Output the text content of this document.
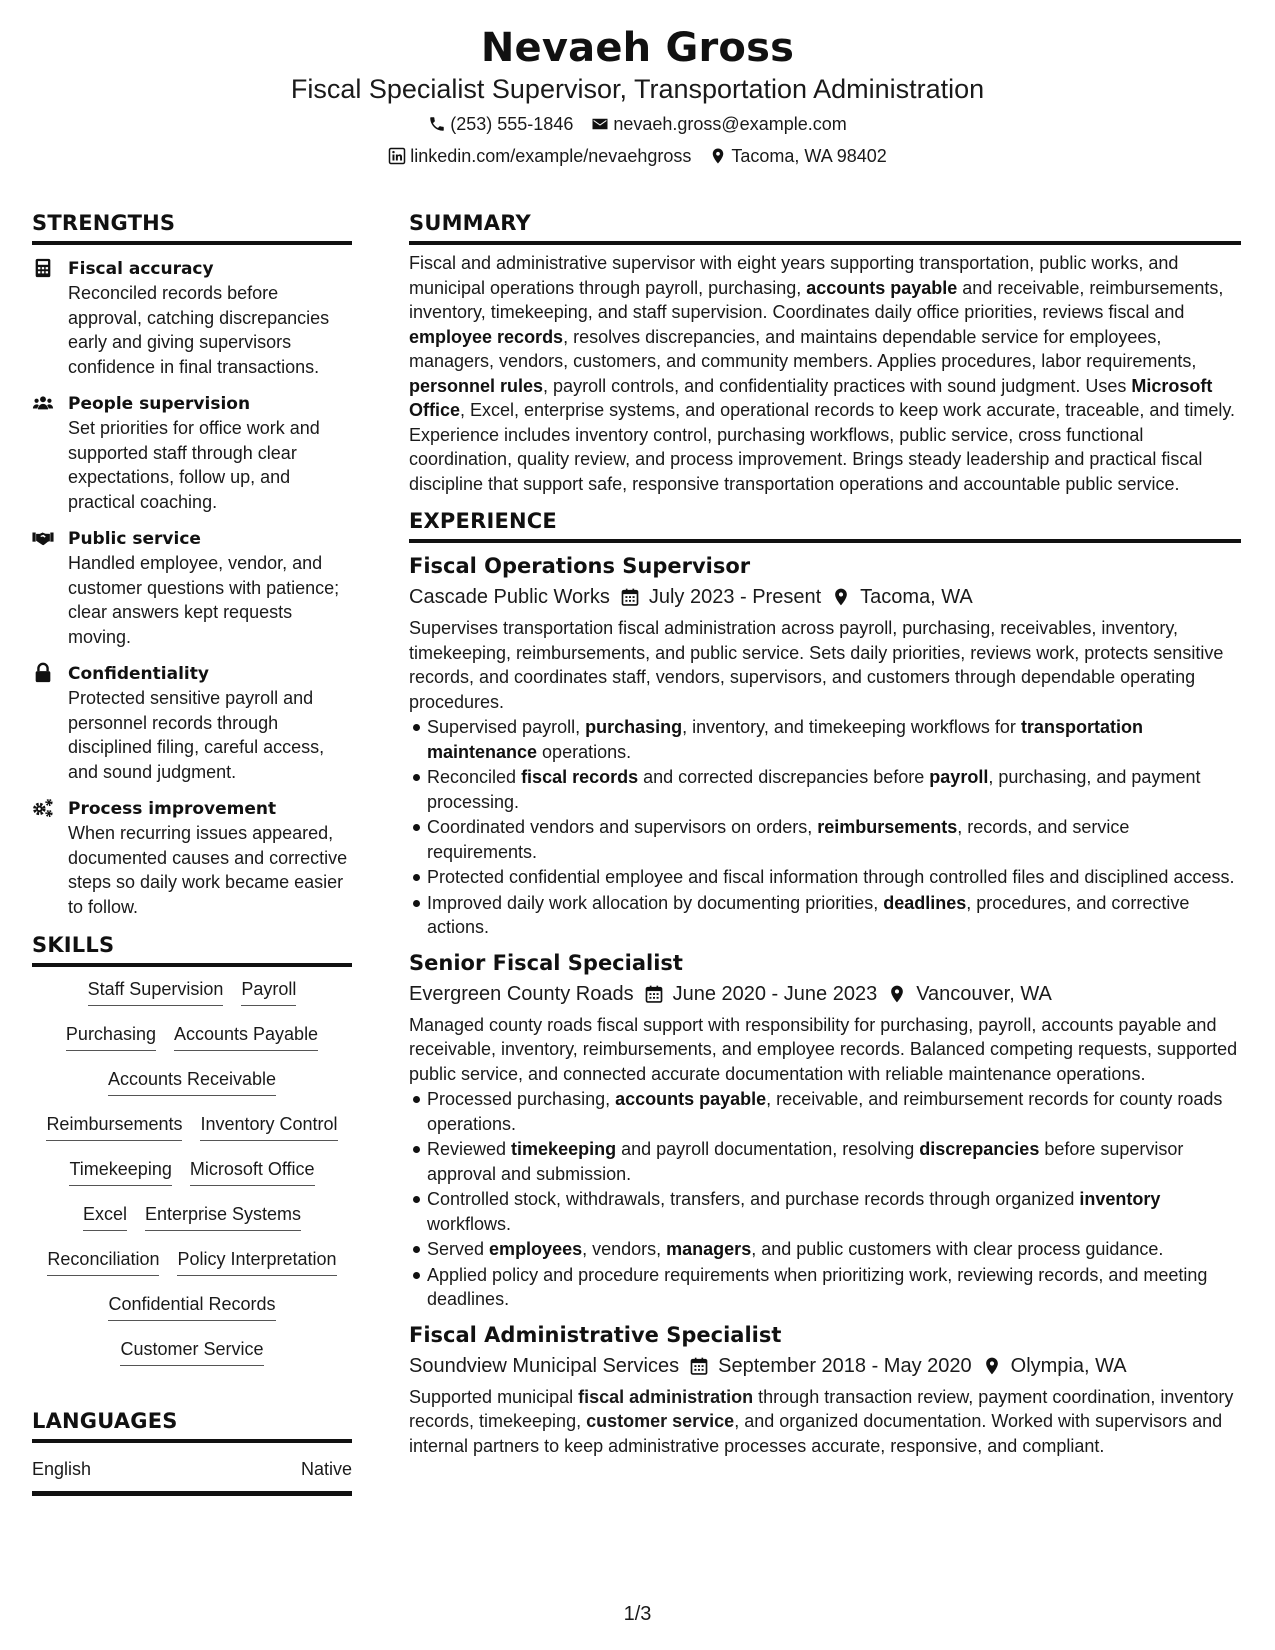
Nevaeh Gross
Fiscal Specialist Supervisor, Transportation Administration
(253) 555-1846 nevaeh.gross@example.com
linkedin.com/example/nevaehgross Tacoma, WA 98402
STRENGTHS
Fiscal accuracy
Reconciled records before approval, catching discrepancies early and giving supervisors confidence in final transactions.
People supervision
Set priorities for office work and supported staff through clear expectations, follow up, and practical coaching.
Public service
Handled employee, vendor, and customer questions with patience; clear answers kept requests moving.
Confidentiality
Protected sensitive payroll and personnel records through disciplined filing, careful access, and sound judgment.
Process improvement
When recurring issues appeared, documented causes and corrective steps so daily work became easier to follow.
SKILLS
Staff Supervision Payroll
Purchasing Accounts Payable
Accounts Receivable
Reimbursements Inventory Control
Timekeeping Microsoft Office
Excel Enterprise Systems
Reconciliation Policy Interpretation
Confidential Records
Customer Service
LANGUAGES
English	Native
SUMMARY
Fiscal and administrative supervisor with eight years supporting transportation, public works, and municipal operations through payroll, purchasing, accounts payable and receivable, reimbursements, inventory, timekeeping, and staff supervision. Coordinates daily office priorities, reviews fiscal and employee records, resolves discrepancies, and maintains dependable service for employees, managers, vendors, customers, and community members. Applies procedures, labor requirements, personnel rules, payroll controls, and confidentiality practices with sound judgment. Uses Microsoft Office, Excel, enterprise systems, and operational records to keep work accurate, traceable, and timely. Experience includes inventory control, purchasing workflows, public service, cross functional coordination, quality review, and process improvement. Brings steady leadership and practical fiscal discipline that support safe, responsive transportation operations and accountable public service.
EXPERIENCE
Fiscal Operations Supervisor
Cascade Public Works July 2023 - Present Tacoma, WA
Supervises transportation fiscal administration across payroll, purchasing, receivables, inventory, timekeeping, reimbursements, and public service. Sets daily priorities, reviews work, protects sensitive records, and coordinates staff, vendors, supervisors, and customers through dependable operating procedures.
Supervised payroll, purchasing, inventory, and timekeeping workflows for transportation maintenance operations.
Reconciled fiscal records and corrected discrepancies before payroll, purchasing, and payment processing.
Coordinated vendors and supervisors on orders, reimbursements, records, and service requirements.
Protected confidential employee and fiscal information through controlled files and disciplined access.
Improved daily work allocation by documenting priorities, deadlines, procedures, and corrective actions.
Senior Fiscal Specialist
Evergreen County Roads June 2020 - June 2023 Vancouver, WA
Managed county roads fiscal support with responsibility for purchasing, payroll, accounts payable and receivable, inventory, reimbursements, and employee records. Balanced competing requests, supported public service, and connected accurate documentation with reliable maintenance operations.
Processed purchasing, accounts payable, receivable, and reimbursement records for county roads operations.
Reviewed timekeeping and payroll documentation, resolving discrepancies before supervisor approval and submission.
Controlled stock, withdrawals, transfers, and purchase records through organized inventory workflows.
Served employees, vendors, managers, and public customers with clear process guidance.
Applied policy and procedure requirements when prioritizing work, reviewing records, and meeting deadlines.
Fiscal Administrative Specialist
Soundview Municipal Services September 2018 - May 2020 Olympia, WA
Supported municipal fiscal administration through transaction review, payment coordination, inventory records, timekeeping, customer service, and organized documentation. Worked with supervisors and internal partners to keep administrative processes accurate, responsive, and compliant.
1/3
